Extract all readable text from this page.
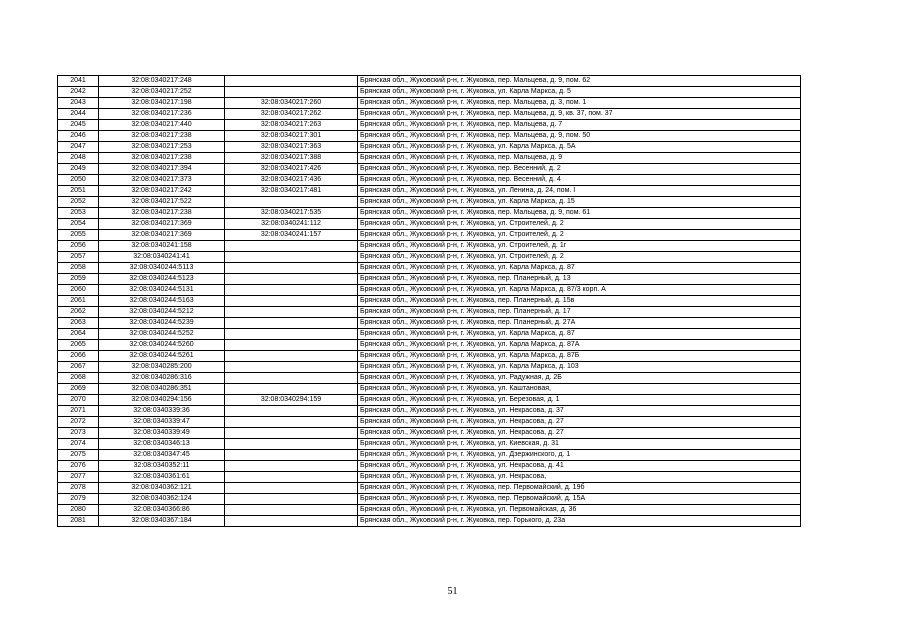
2041	32:08:0340217:248		Брянская обл., Жуковский р-н, г. Жуковка, пер. Мальцева, д. 9, пом. 62
2042	32:08:0340217:252		Брянская обл., Жуковский р-н, г. Жуковка, ул. Карла Маркса, д. 5
2043	32:08:0340217:198	32:08:0340217:260	Брянская обл., Жуковский р-н, г. Жуковка, пер. Мальцева, д. 3, пом. 1
2044	32:08:0340217:236	32:08:0340217:262	Брянская обл., Жуковский р-н, г. Жуковка, пер. Мальцева, д. 9, кв. 37, пом. 37
2045	32:08:0340217:440	32:08:0340217:263	Брянская обл., Жуковский р-н, г. Жуковка, пер. Мальцева, д. 7
2046	32:08:0340217:238	32:08:0340217:301	Брянская обл., Жуковский р-н, г. Жуковка, пер. Мальцева, д. 9, пом. 50
2047	32:08:0340217:253	32:08:0340217:363	Брянская обл., Жуковский р-н, г. Жуковка, ул. Карла Маркса, д. 5А
2048	32:08:0340217:238	32:08:0340217:388	Брянская обл., Жуковский р-н, г. Жуковка, пер. Мальцева, д. 9
2049	32:08:0340217:394	32:08:0340217:426	Брянская обл., Жуковский р-н, г. Жуковка, пер. Весенний, д. 2
2050	32:08:0340217:373	32:08:0340217:436	Брянская обл., Жуковский р-н, г. Жуковка, пер. Весенний, д. 4
2051	32:08:0340217:242	32:08:0340217:481	Брянская обл., Жуковский р-н, г. Жуковка, ул. Ленина, д. 24, пом. I
2052	32:08:0340217:522		Брянская обл., Жуковский р-н, г. Жуковка, ул. Карла Маркса, д. 15
2053	32:08:0340217:238	32:08:0340217:535	Брянская обл., Жуковский р-н, г. Жуковка, пер. Мальцева, д. 9, пом. 61
2054	32:08:0340217:369	32:08:0340241:112	Брянская обл., Жуковский р-н, г. Жуковка, ул. Строителей, д. 2
2055	32:08:0340217:369	32:08:0340241:157	Брянская обл., Жуковский р-н, г. Жуковка, ул. Строителей, д. 2
2056	32:08:0340241:158		Брянская обл., Жуковский р-н, г. Жуковка, ул. Строителей, д. 1г
2057	32:08:0340241:41		Брянская обл., Жуковский р-н, г. Жуковка, ул. Строителей, д. 2
2058	32:08:0340244:5113		Брянская обл., Жуковский р-н, г. Жуковка, ул. Карла Маркса, д. 87
2059	32:08:0340244:5123		Брянская обл., Жуковский р-н, г. Жуковка, пер. Планерный, д. 13
2060	32:08:0340244:5131		Брянская обл., Жуковский р-н, г. Жуковка, ул. Карла Маркса, д. 87/3 корп. А
2061	32:08:0340244:5163		Брянская обл., Жуковский р-н, г. Жуковка, пер. Планерный, д. 15в
2062	32:08:0340244:5212		Брянская обл., Жуковский р-н, г. Жуковка, пер. Планерный, д. 17
2063	32:08:0340244:5239		Брянская обл., Жуковский р-н, г. Жуковка, пер. Планерный, д. 27А
2064	32:08:0340244:5252		Брянская обл., Жуковский р-н, г. Жуковка, ул. Карла Маркса, д. 87
2065	32:08:0340244:5260		Брянская обл., Жуковский р-н, г. Жуковка, ул. Карла Маркса, д. 87А
2066	32:08:0340244:5261		Брянская обл., Жуковский р-н, г. Жуковка, ул. Карла Маркса, д. 87Б
2067	32:08:0340285:200		Брянская обл., Жуковский р-н, г. Жуковка, ул. Карла Маркса, д. 103
2068	32:08:0340286:316		Брянская обл., Жуковский р-н, г. Жуковка, ул. Радужная, д. 2Б
2069	32:08:0340286:351		Брянская обл., Жуковский р-н, г. Жуковка, ул. Каштановая,
2070	32:08:0340294:156	32:08:0340294:159	Брянская обл., Жуковский р-н, г. Жуковка, ул. Березовая, д. 1
2071	32:08:0340339:36		Брянская обл., Жуковский р-н, г. Жуковка, ул. Некрасова, д. 37
2072	32:08:0340339:47		Брянская обл., Жуковский р-н, г. Жуковка, ул. Некрасова, д. 27
2073	32:08:0340339:49		Брянская обл., Жуковский р-н, г. Жуковка, ул. Некрасова, д. 27
2074	32:08:0340346:13		Брянская обл., Жуковский р-н, г. Жуковка, ул. Киевская, д. 31
2075	32:08:0340347:45		Брянская обл., Жуковский р-н, г. Жуковка, ул. Дзержинского, д. 1
2076	32:08:0340352:11		Брянская обл., Жуковский р-н, г. Жуковка, ул. Некрасова, д. 41
2077	32:08:0340361:61		Брянская обл., Жуковский р-н, г. Жуковка, ул. Некрасова,
2078	32:08:0340362:121		Брянская обл., Жуковский р-н, г. Жуковка, пер. Первомайский, д. 19б
2079	32:08:0340362:124		Брянская обл., Жуковский р-н, г. Жуковка, пер. Первомайский, д. 15А
2080	32:08:0340366:86		Брянская обл., Жуковский р-н, г. Жуковка, ул. Первомайская, д. 36
2081	32:08:0340367:184		Брянская обл., Жуковский р-н, г. Жуковка, пер. Горького, д. 23а
51
